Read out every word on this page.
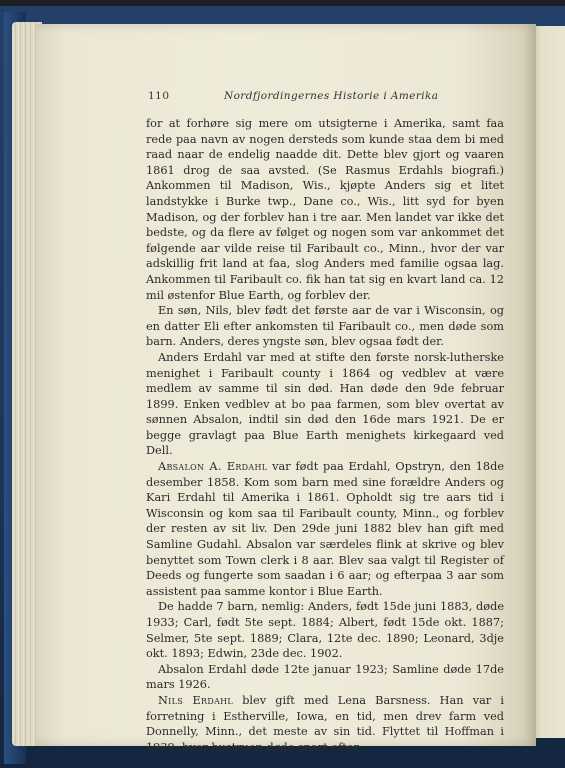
110	Nordfjordingernes Historie i Amerika

for at forhøre sig mere om utsigterne i Amerika, samt faa rede paa navn av nogen dersteds som kunde staa dem bi med raad naar de endelig naadde dit. Dette blev gjort og vaaren 1861 drog de saa avsted. (Se Rasmus Erdahls biografi.) Ankommen til Madison, Wis., kjøpte Anders sig et litet landstykke i Burke twp., Dane co., Wis., litt syd for byen Madison, og der forblev han i tre aar. Men landet var ikke det bedste, og da flere av følget og nogen som var ankommet det følgende aar vilde reise til Faribault co., Minn., hvor der var adskillig frit land at faa, slog Anders med familie ogsaa lag. Ankommen til Faribault co. fik han tat sig en kvart land ca. 12 mil østenfor Blue Earth, og forblev der.

En søn, Nils, blev født det første aar de var i Wisconsin, og en datter Eli efter ankomsten til Faribault co., men døde som barn. Anders, deres yngste søn, blev ogsaa født der.

Anders Erdahl var med at stifte den første norsk-lutherske menighet i Faribault county i 1864 og vedblev at være medlem av samme til sin død. Han døde den 9de februar 1899. Enken vedblev at bo paa farmen, som blev overtat av sønnen Absalon, indtil sin død den 16de mars 1921. De er begge gravlagt paa Blue Earth menighets kirkegaard ved Dell.

Absalon A. Erdahl var født paa Erdahl, Opstryn, den 18de desember 1858. Kom som barn med sine forældre Anders og Kari Erdahl til Amerika i 1861. Opholdt sig tre aars tid i Wisconsin og kom saa til Faribault county, Minn., og forblev der resten av sit liv. Den 29de juni 1882 blev han gift med Samline Gudahl. Absalon var særdeles flink at skrive og blev benyttet som Town clerk i 8 aar. Blev saa valgt til Register of Deeds og fungerte som saadan i 6 aar; og efterpaa 3 aar som assistent paa samme kontor i Blue Earth.

De hadde 7 barn, nemlig: Anders, født 15de juni 1883, døde 1933; Carl, født 5te sept. 1884; Albert, født 15de okt. 1887; Selmer, 5te sept. 1889; Clara, 12te dec. 1890; Leonard, 3dje okt. 1893; Edwin, 23de dec. 1902.

Absalon Erdahl døde 12te januar 1923; Samline døde 17de mars 1926.

Nils Erdahl blev gift med Lena Barsness. Han var i forretning i Estherville, Iowa, en tid, men drev farm ved Donnelly, Minn., det meste av sin tid. Flyttet til Hoffman i 1939, hvor hustruen døde snart efter.
